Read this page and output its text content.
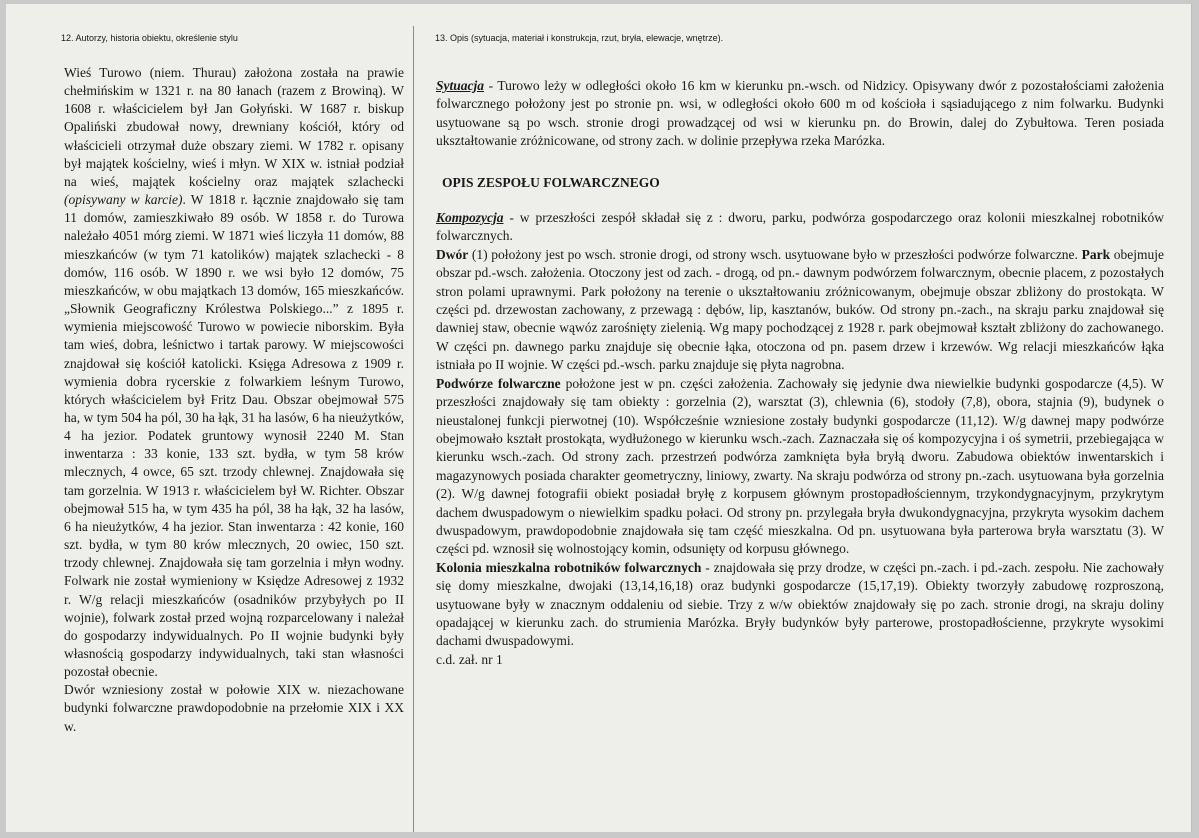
12. Autorzy, historia obiektu, określenie stylu	13. Opis (sytuacja, materiał i konstrukcja, rzut, bryła, elewacje, wnętrze).

Wieś Turowo (niem. Thurau) założona została na prawie chełmińskim w 1321 r. na 80 łanach (razem z Browiną). W 1608 r. właścicielem był Jan Gołyński. W 1687 r. biskup Opaliński zbudował nowy, drewniany kościół, który od właścicieli otrzymał duże obszary ziemi. W 1782 r. opisany był majątek kościelny, wieś i młyn. W XIX w. istniał podział na wieś, majątek kościelny oraz majątek szlachecki (opisywany w karcie). W 1818 r. łącznie znajdowało się tam 11 domów, zamieszkiwało 89 osób. W 1858 r. do Turowa należało 4051 mórg ziemi. W 1871 wieś liczyła 11 domów, 88 mieszkańców (w tym 71 katolików) majątek szlachecki - 8 domów, 116 osób. W 1890 r. we wsi było 12 domów, 75 mieszkańców, w obu majątkach 13 domów, 165 mieszkańców. „Słownik Geograficzny Królestwa Polskiego...” z 1895 r. wymienia miejscowość Turowo w powiecie niborskim. Była tam wieś, dobra, leśnictwo i tartak parowy. W miejscowości znajdował się kościół katolicki. Księga Adresowa z 1909 r. wymienia dobra rycerskie z folwarkiem leśnym Turowo, których właścicielem był Fritz Dau. Obszar obejmował 575 ha, w tym 504 ha pól, 30 ha łąk, 31 ha lasów, 6 ha nieużytków, 4 ha jezior. Podatek gruntowy wynosił 2240 M. Stan inwentarza : 33 konie, 133 szt. bydła, w tym 58 krów mlecznych, 4 owce, 65 szt. trzody chlewnej. Znajdowała się tam gorzelnia. W 1913 r. właścicielem był W. Richter. Obszar obejmował 515 ha, w tym 435 ha pól, 38 ha łąk, 32 ha lasów, 6 ha nieużytków, 4 ha jezior. Stan inwentarza : 42 konie, 160 szt. bydła, w tym 80 krów mlecznych, 20 owiec, 150 szt. trzody chlewnej. Znajdowała się tam gorzelnia i młyn wodny. Folwark nie został wymieniony w Księdze Adresowej z 1932 r. W/g relacji mieszkańców (osadników przybyłych po II wojnie), folwark został przed wojną rozparcelowany i należał do gospodarzy indywidualnych. Po II wojnie budynki były własnością gospodarzy indywidualnych, taki stan własności pozostał obecnie.

Dwór wzniesiony został w połowie XIX w. niezachowane budynki folwarczne prawdopodobnie na przełomie XIX i XX w.

Sytuacja - Turowo leży w odległości około 16 km w kierunku pn.-wsch. od Nidzicy. Opisywany dwór z pozostałościami założenia folwarcznego położony jest po stronie pn. wsi, w odległości około 600 m od kościoła i sąsiadującego z nim folwarku. Budynki usytuowane są po wsch. stronie drogi prowadzącej od wsi w kierunku pn. do Browin, dalej do Zybułtowa. Teren posiada ukształtowanie zróżnicowane, od strony zach. w dolinie przepływa rzeka Marózka.

OPIS ZESPOŁU FOLWARCZNEGO

Kompozycja - w przeszłości zespół składał się z : dworu, parku, podwórza gospodarczego oraz kolonii mieszkalnej robotników folwarcznych.

Dwór (1) położony jest po wsch. stronie drogi, od strony wsch. usytuowane było w przeszłości podwórze folwarczne. Park obejmuje obszar pd.-wsch. założenia. Otoczony jest od zach. - drogą, od pn.- dawnym podwórzem folwarcznym, obecnie placem, z pozostałych stron polami uprawnymi. Park położony na terenie o ukształtowaniu zróżnicowanym, obejmuje obszar zbliżony do prostokąta. W części pd. drzewostan zachowany, z przewagą : dębów, lip, kasztanów, buków. Od strony pn.-zach., na skraju parku znajdował się dawniej staw, obecnie wąwóz zarośnięty zielenią. Wg mapy pochodzącej z 1928 r. park obejmował kształt zbliżony do zachowanego. W części pn. dawnego parku znajduje się obecnie łąka, otoczona od pn. pasem drzew i krzewów. Wg relacji mieszkańców łąka istniała po II wojnie. W części pd.-wsch. parku znajduje się płyta nagrobna.

Podwórze folwarczne położone jest w pn. części założenia. Zachowały się jedynie dwa niewielkie budynki gospodarcze (4,5). W przeszłości znajdowały się tam obiekty : gorzelnia (2), warsztat (3), chlewnia (6), stodoły (7,8), obora, stajnia (9), budynek o nieustalonej funkcji pierwotnej (10). Współcześnie wzniesione zostały budynki gospodarcze (11,12). W/g dawnej mapy podwórze obejmowało kształt prostokąta, wydłużonego w kierunku wsch.-zach. Zaznaczała się oś kompozycyjna i oś symetrii, przebiegająca w kierunku wsch.-zach. Od strony zach. przestrzeń podwórza zamknięta była bryłą dworu. Zabudowa obiektów inwentarskich i magazynowych posiada charakter geometryczny, liniowy, zwarty. Na skraju podwórza od strony pn.-zach. usytuowana była gorzelnia (2). W/g dawnej fotografii obiekt posiadał bryłę z korpusem głównym prostopadłościennym, trzykondygnacyjnym, przykrytym dachem dwuspadowym o niewielkim spadku połaci. Od strony pn. przylegała bryła dwukondygnacyjna, przykryta wysokim dachem dwuspadowym, prawdopodobnie znajdowała się tam część mieszkalna. Od pn. usytuowana była parterowa bryła warsztatu (3). W części pd. wznosił się wolnostojący komin, odsunięty od korpusu głównego.

Kolonia mieszkalna robotników folwarcznych - znajdowała się przy drodze, w części pn.-zach. i pd.-zach. zespołu. Nie zachowały się domy mieszkalne, dwojaki (13,14,16,18) oraz budynki gospodarcze (15,17,19). Obiekty tworzyły zabudowę rozproszoną, usytuowane były w znacznym oddaleniu od siebie. Trzy z w/w obiektów znajdowały się po zach. stronie drogi, na skraju doliny opadającej w kierunku zach. do strumienia Marózka. Bryły budynków były parterowe, prostopadłościenne, przykryte wysokimi dachami dwuspadowymi.

c.d. zał. nr 1
